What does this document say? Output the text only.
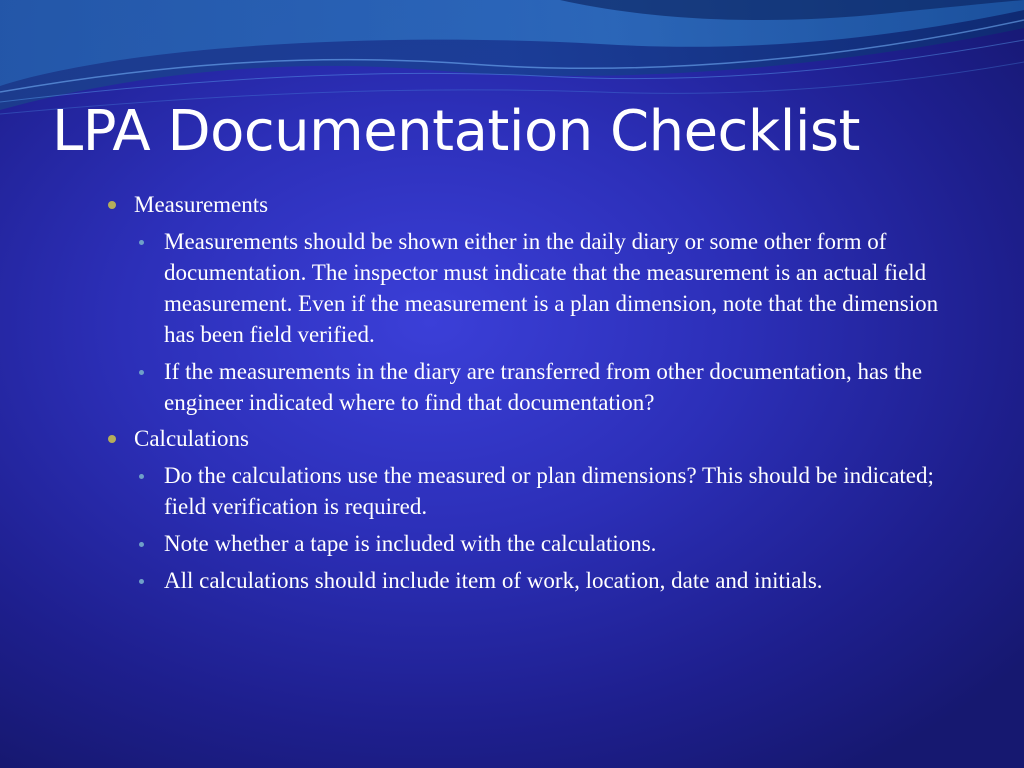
LPA Documentation Checklist
Measurements
Measurements should be shown either in the daily diary or some other form of documentation. The inspector must indicate that the measurement is an actual field measurement. Even if the measurement is a plan dimension, note that the dimension has been field verified.
If the measurements in the diary are transferred from other documentation, has the engineer indicated where to find that documentation?
Calculations
Do the calculations use the measured or plan dimensions? This should be indicated; field verification is required.
Note whether a tape is included with the calculations.
All calculations should include item of work, location, date and initials.
